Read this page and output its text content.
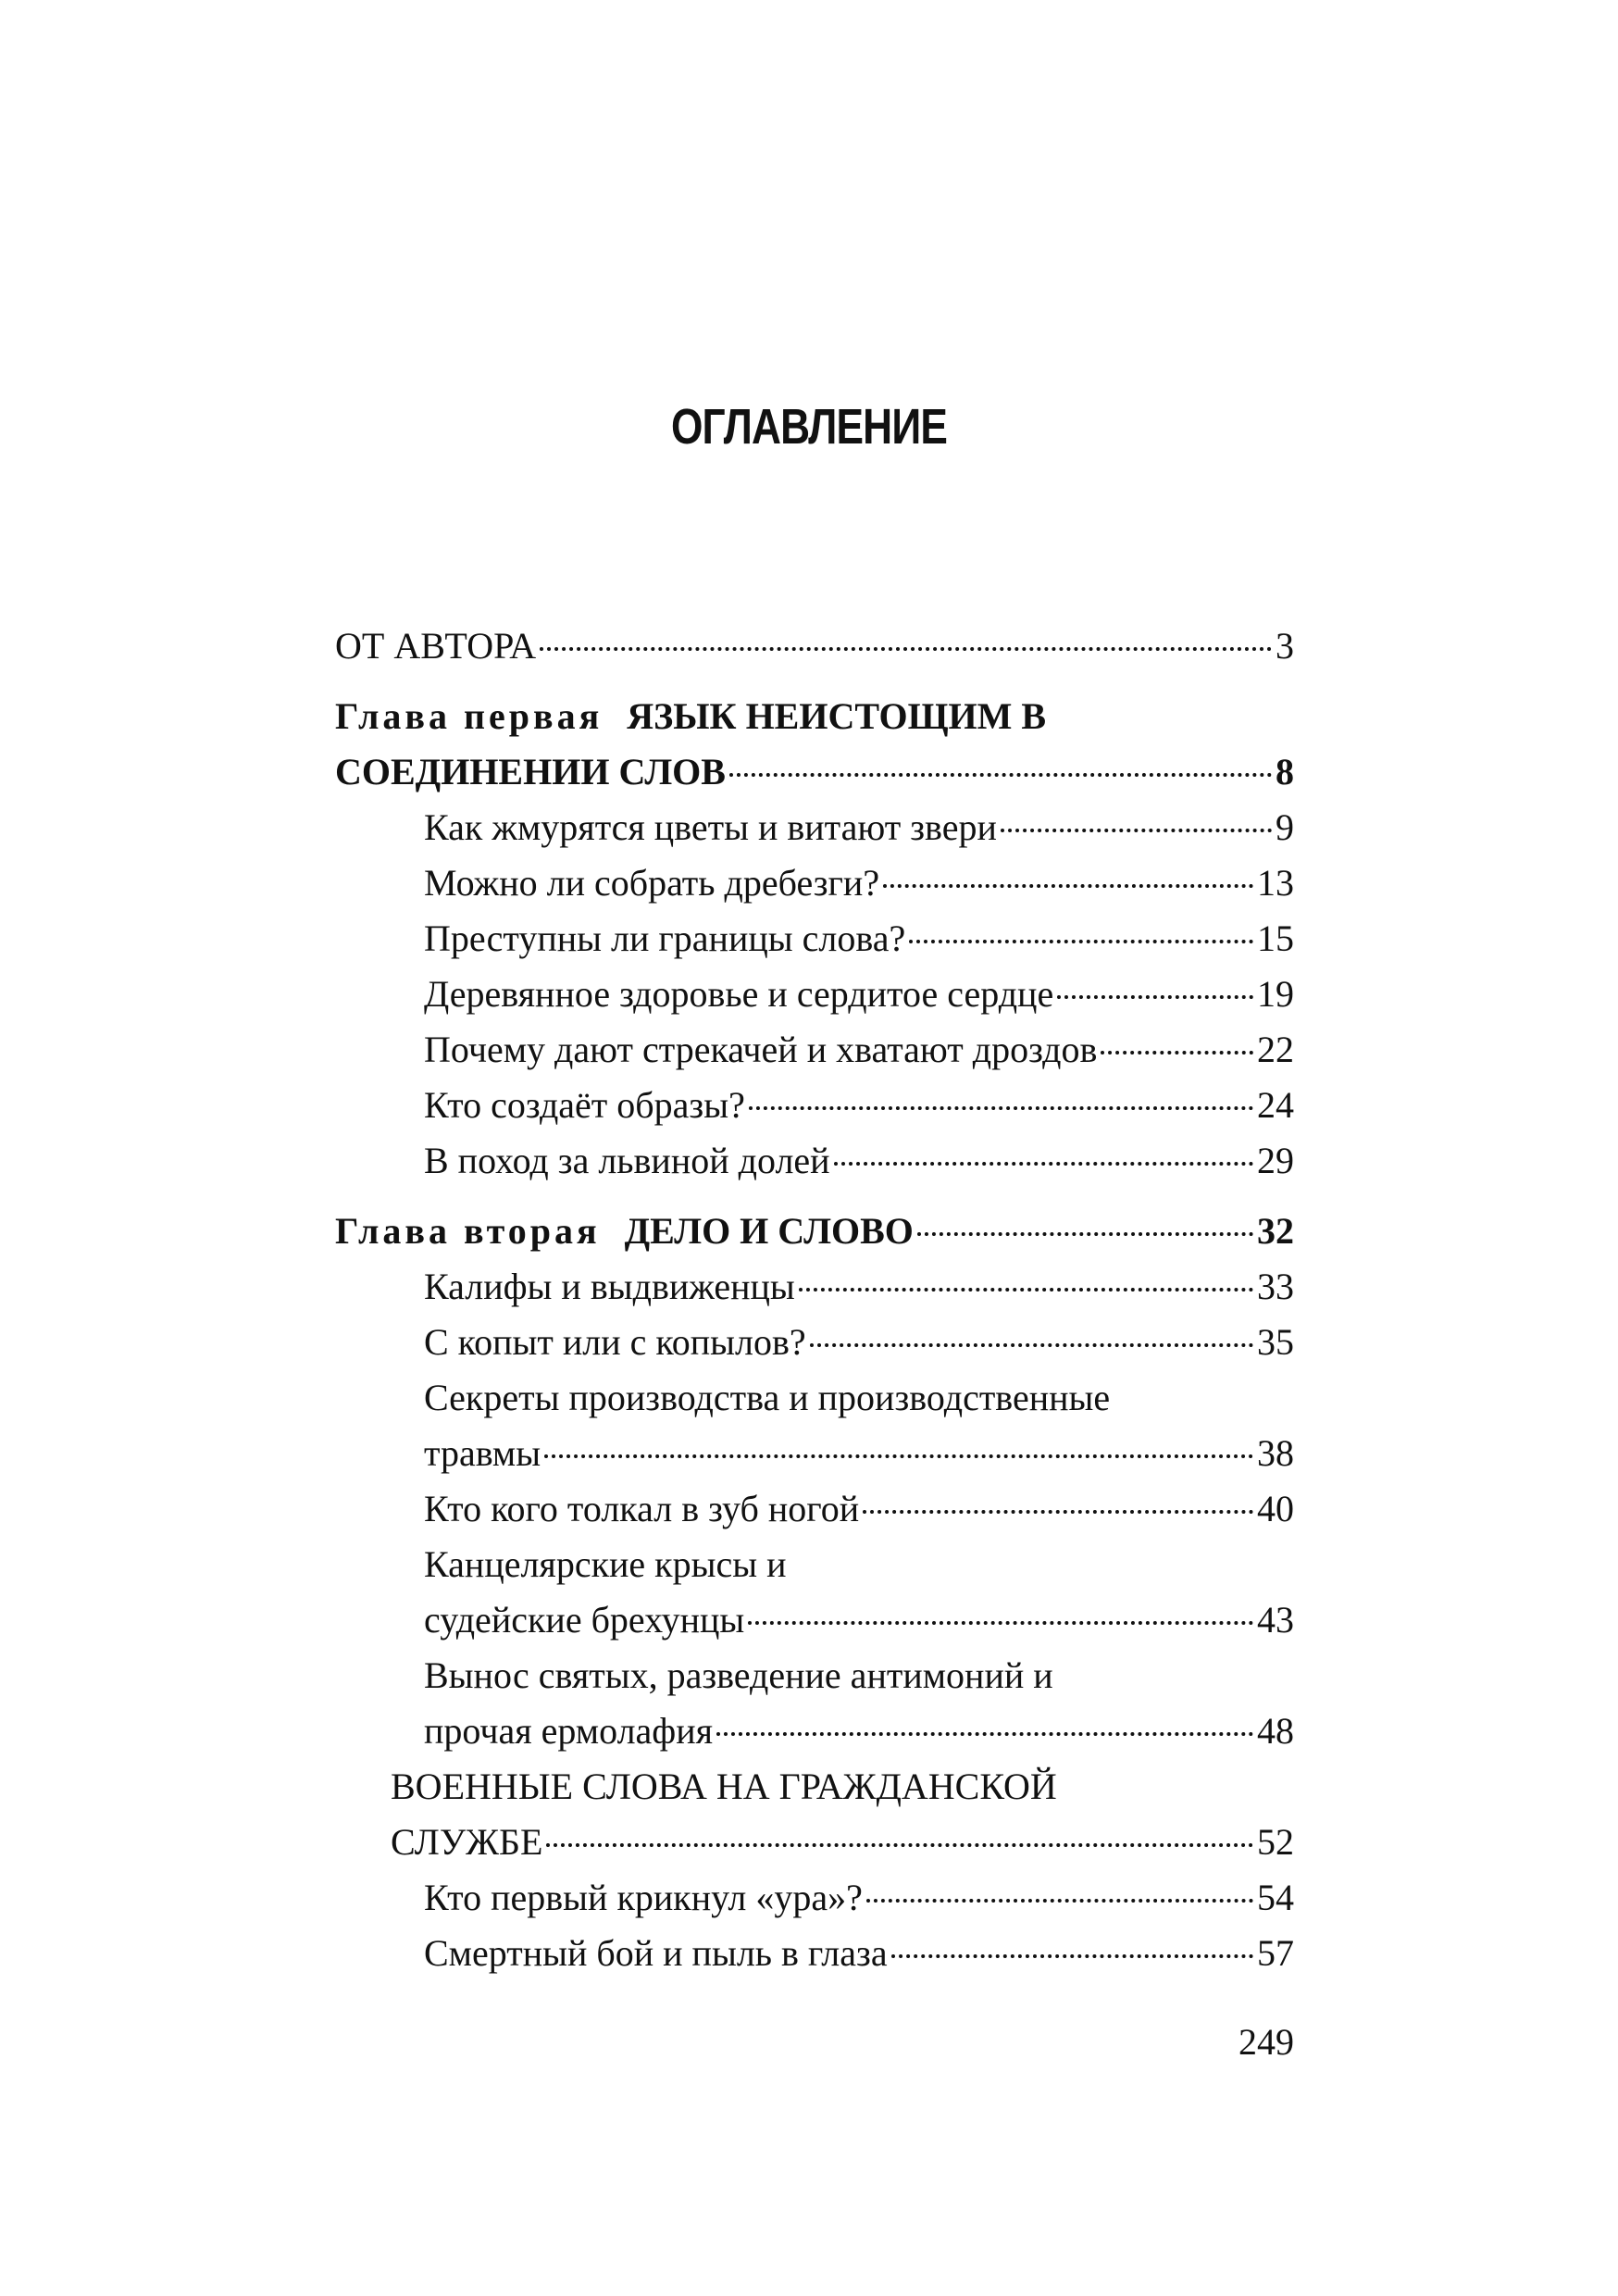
ОГЛАВЛЕНИЕ
ОТ АВТОРА	3
Глава первая ЯЗЫК НЕИСТОЩИМ В
СОЕДИНЕНИИ СЛОВ	8
Как жмурятся цветы и витают звери	9
Можно ли собрать дребезги?	13
Преступны ли границы слова?	15
Деревянное здоровье и сердитое сердце	19
Почему дают стрекачей и хватают дроздов	22
Кто создаёт образы?	24
В поход за львиной долей	29
Глава вторая ДЕЛО И СЛОВО	32
Калифы и выдвиженцы	33
С копыт или с копылов?	35
Секреты производства и производственные
травмы	38
Кто кого толкал в зуб ногой	40
Канцелярские крысы и
судейские брехунцы	43
Вынос святых, разведение антимоний и
прочая ермолафия	48
ВОЕННЫЕ СЛОВА НА ГРАЖДАНСКОЙ
СЛУЖБЕ	52
Кто первый крикнул «ура»?	54
Смертный бой и пыль в глаза	57
249
